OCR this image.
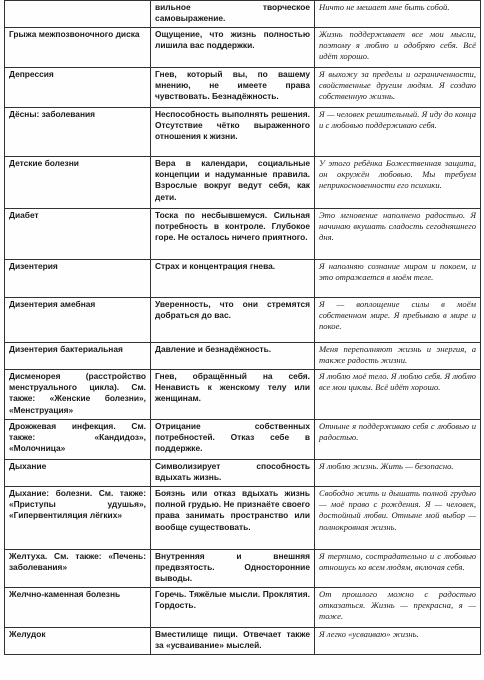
	вильное творческое самовыражение.	Ничто не мешает мне быть собой.
Грыжа межпозвоночного диска	Ощущение, что жизнь полностью лишила вас поддержки.	Жизнь поддерживает все мои мысли, поэтому я люблю и одобряю себя. Всё идёт хорошо.
Депрессия	Гнев, который вы, по вашему мнению, не имеете права чувствовать. Безнадёжность.	Я выхожу за пределы и ограниченности, свойственные другим людям. Я создаю собственную жизнь.
Дёсны: заболевания	Неспособность выполнять решения. Отсутствие чётко выраженного отношения к жизни.	Я — человек решительный. Я иду до конца и с любовью поддерживаю себя.
Детские болезни	Вера в календари, социальные концепции и надуманные правила. Взрослые вокруг ведут себя, как дети.	У этого ребёнка Божественная защита, он окружён любовью. Мы требуем неприкосновенности его психики.
Диабет	Тоска по несбывшемуся. Сильная потребность в контроле. Глубокое горе. Не осталось ничего приятного.	Это мгновение наполнено радостью. Я начинаю вкушать сладость сегодняшнего дня.
Дизентерия	Страх и концентрация гнева.	Я наполняю сознание миром и покоем, и это отражается в моём теле.
Дизентерия амебная	Уверенность, что они стремятся добраться до вас.	Я — воплощение силы в моём собственном мире. Я пребываю в мире и покое.
Дизентерия бактериальная	Давление и безнадёжность.	Меня переполняют жизнь и энергия, а также радость жизни.
Дисменорея (расстройство менструального цикла). См. также: «Женские болезни», «Менструация»	Гнев, обращённый на себя. Ненависть к женскому телу или женщинам.	Я люблю моё тело. Я люблю себя. Я люблю все мои циклы. Всё идёт хорошо.
Дрожжевая инфекция. См. также: «Кандидоз», «Молочница»	Отрицание собственных потребностей. Отказ себе в поддержке.	Отныне я поддерживаю себя с любовью и радостью.
Дыхание	Символизирует способность вдыхать жизнь.	Я люблю жизнь. Жить — безопасно.
Дыхание: болезни. См. также: «Приступы удушья», «Гипервентиляция лёгких»	Боязнь или отказ вдыхать жизнь полной грудью. Не признаёте своего права занимать пространство или вообще существовать.	Свободно жить и дышать полной грудью — моё право с рождения. Я — человек, достойный любви. Отныне мой выбор — полнокровная жизнь.
Желтуха. См. также: «Печень: заболевания»	Внутренняя и внешняя предвзятость. Односторонние выводы.	Я терпимо, сострадательно и с любовью отношусь ко всем людям, включая себя.
Желчно-каменная болезнь	Горечь. Тяжёлые мысли. Проклятия. Гордость.	От прошлого можно с радостью отказаться. Жизнь — прекрасна, я — тоже.
Желудок	Вместилище пищи. Отвечает также за «усваивание» мыслей.	Я легко «усваиваю» жизнь.
